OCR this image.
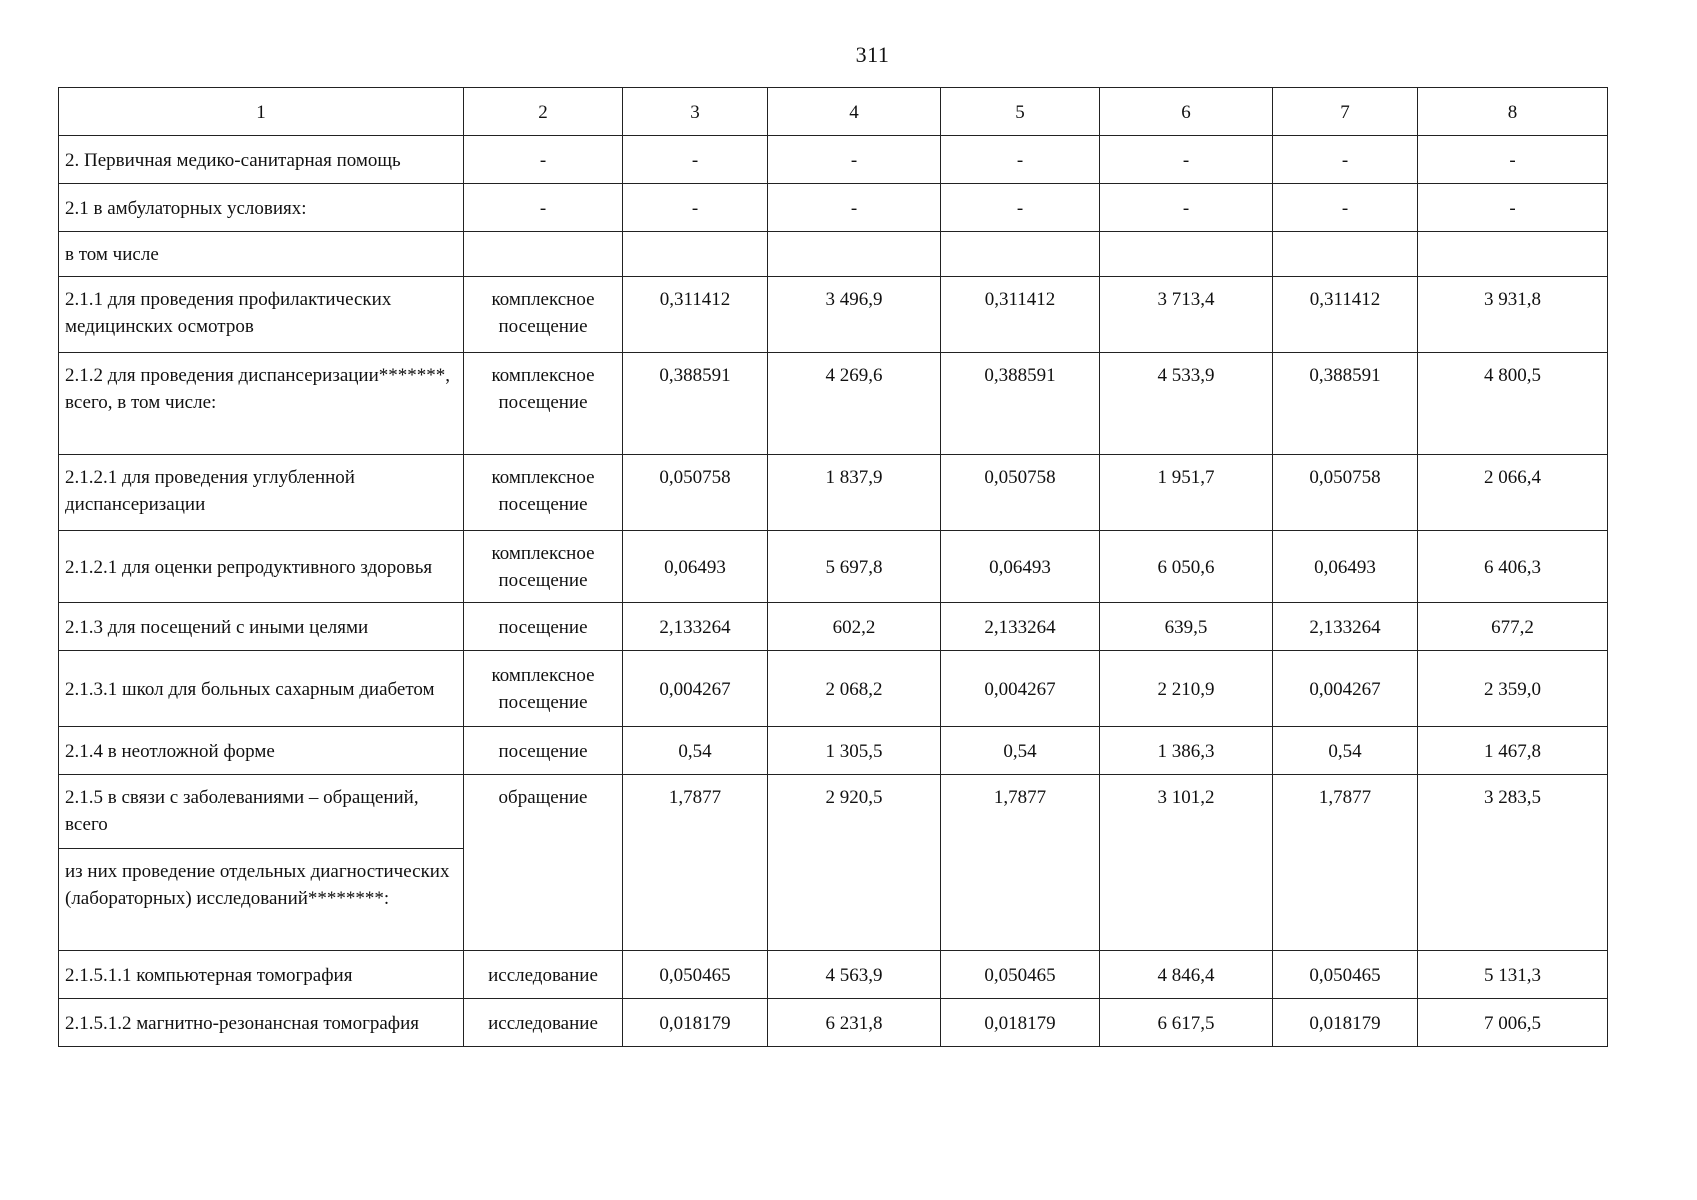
311
1	2	3	4	5	6	7	8
2. Первичная медико-санитарная помощь	-	-	-	-	-	-	-
2.1 в амбулаторных условиях:	-	-	-	-	-	-	-
в том числе							
2.1.1 для проведения профилактических медицинских осмотров	комплексное посещение	0,311412	3 496,9	0,311412	3 713,4	0,311412	3 931,8
2.1.2 для проведения диспансеризации*******, всего, в том числе:	комплексное посещение	0,388591	4 269,6	0,388591	4 533,9	0,388591	4 800,5
2.1.2.1 для проведения углубленной диспансеризации	комплексное посещение	0,050758	1 837,9	0,050758	1 951,7	0,050758	2 066,4
2.1.2.1 для оценки репродуктивного здоровья	комплексное посещение	0,06493	5 697,8	0,06493	6 050,6	0,06493	6 406,3
2.1.3 для посещений с иными целями	посещение	2,133264	602,2	2,133264	639,5	2,133264	677,2
2.1.3.1 школ для больных сахарным диабетом	комплексное посещение	0,004267	2 068,2	0,004267	2 210,9	0,004267	2 359,0
2.1.4 в неотложной форме	посещение	0,54	1 305,5	0,54	1 386,3	0,54	1 467,8
2.1.5 в связи с заболеваниями – обращений, всего	обращение	1,7877	2 920,5	1,7877	3 101,2	1,7877	3 283,5
из них проведение отдельных диагностических (лабораторных) исследований********:							
2.1.5.1.1 компьютерная томография	исследование	0,050465	4 563,9	0,050465	4 846,4	0,050465	5 131,3
2.1.5.1.2 магнитно-резонансная томография	исследование	0,018179	6 231,8	0,018179	6 617,5	0,018179	7 006,5
